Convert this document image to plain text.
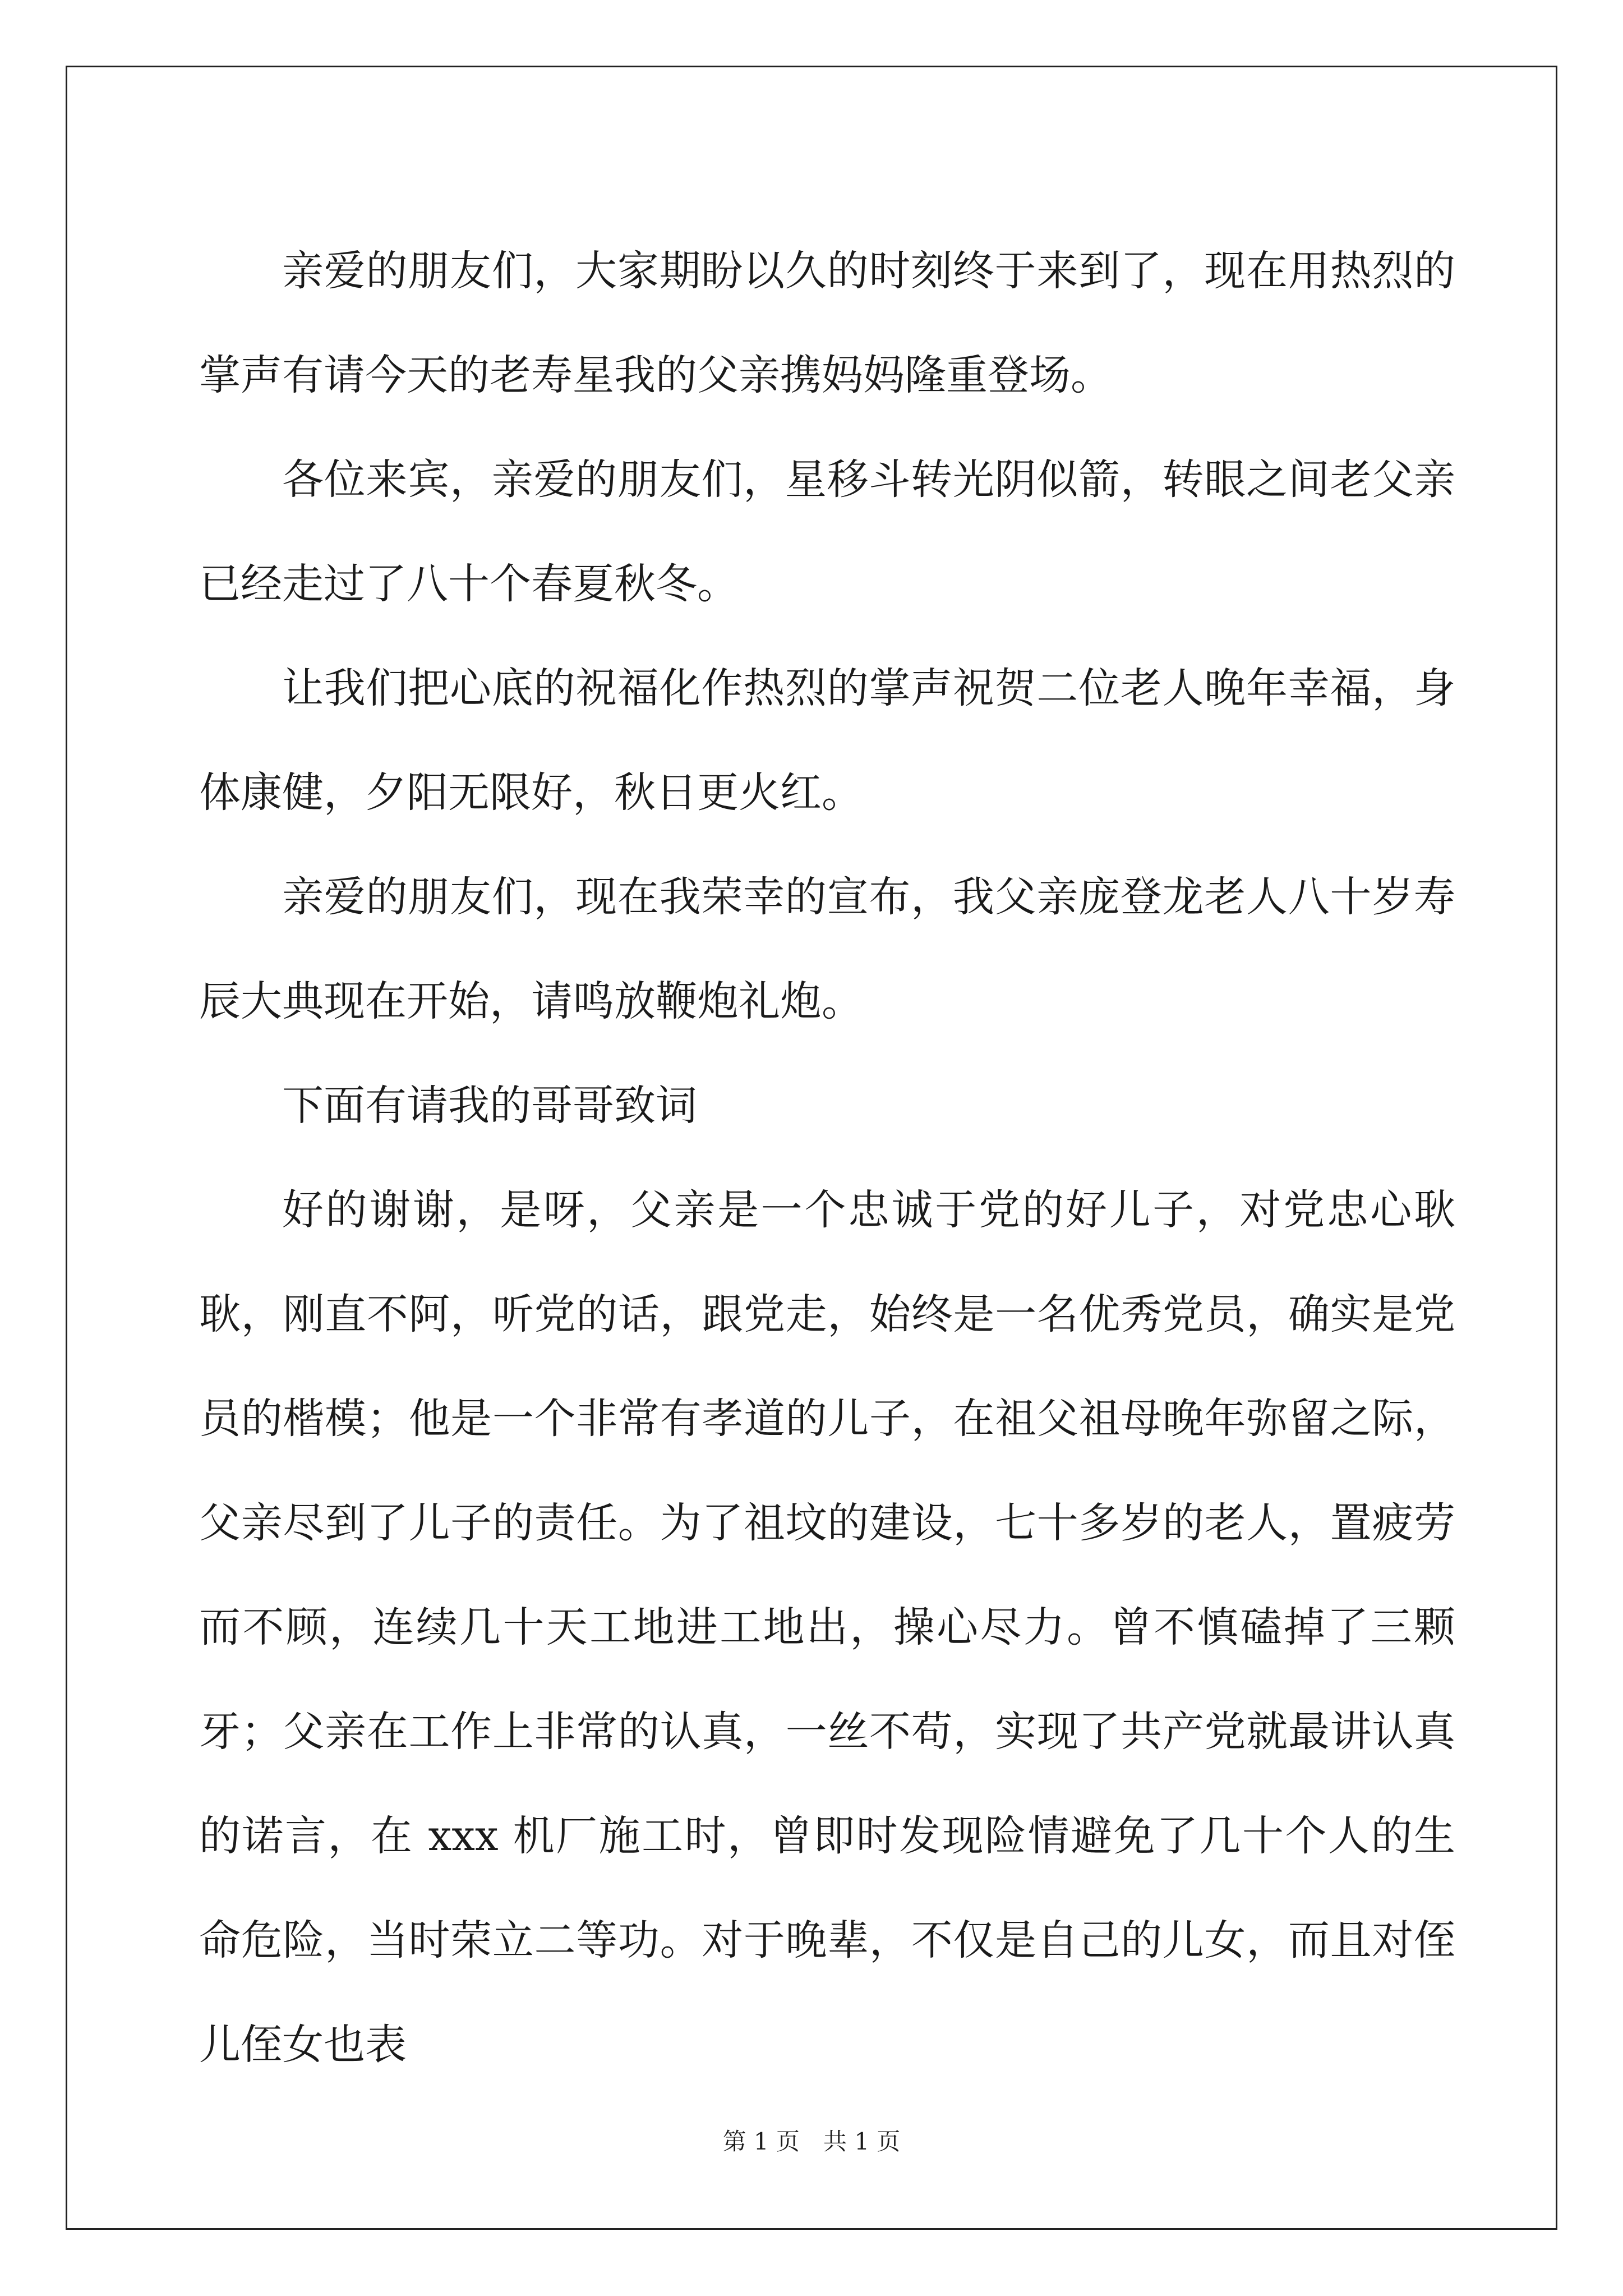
亲爱的朋友们，大家期盼以久的时刻终于来到了，现在用热烈的掌声有请今天的老寿星我的父亲携妈妈隆重登场。

各位来宾，亲爱的朋友们，星移斗转光阴似箭，转眼之间老父亲已经走过了八十个春夏秋冬。

让我们把心底的祝福化作热烈的掌声祝贺二位老人晚年幸福，身体康健，夕阳无限好，秋日更火红。

亲爱的朋友们，现在我荣幸的宣布，我父亲庞登龙老人八十岁寿辰大典现在开始，请鸣放鞭炮礼炮。

下面有请我的哥哥致词

好的谢谢，是呀，父亲是一个忠诚于党的好儿子，对党忠心耿耿，刚直不阿，听党的话，跟党走，始终是一名优秀党员，确实是党员的楷模；他是一个非常有孝道的儿子，在祖父祖母晚年弥留之际，父亲尽到了儿子的责任。为了祖坟的建设，七十多岁的老人，置疲劳而不顾，连续几十天工地进工地出，操心尽力。曾不慎磕掉了三颗牙；父亲在工作上非常的认真，一丝不苟，实现了共产党就最讲认真的诺言，在 xxx 机厂施工时，曾即时发现险情避免了几十个人的生命危险，当时荣立二等功。对于晚辈，不仅是自己的儿女，而且对侄儿侄女也表

第 1 页　共 1 页
